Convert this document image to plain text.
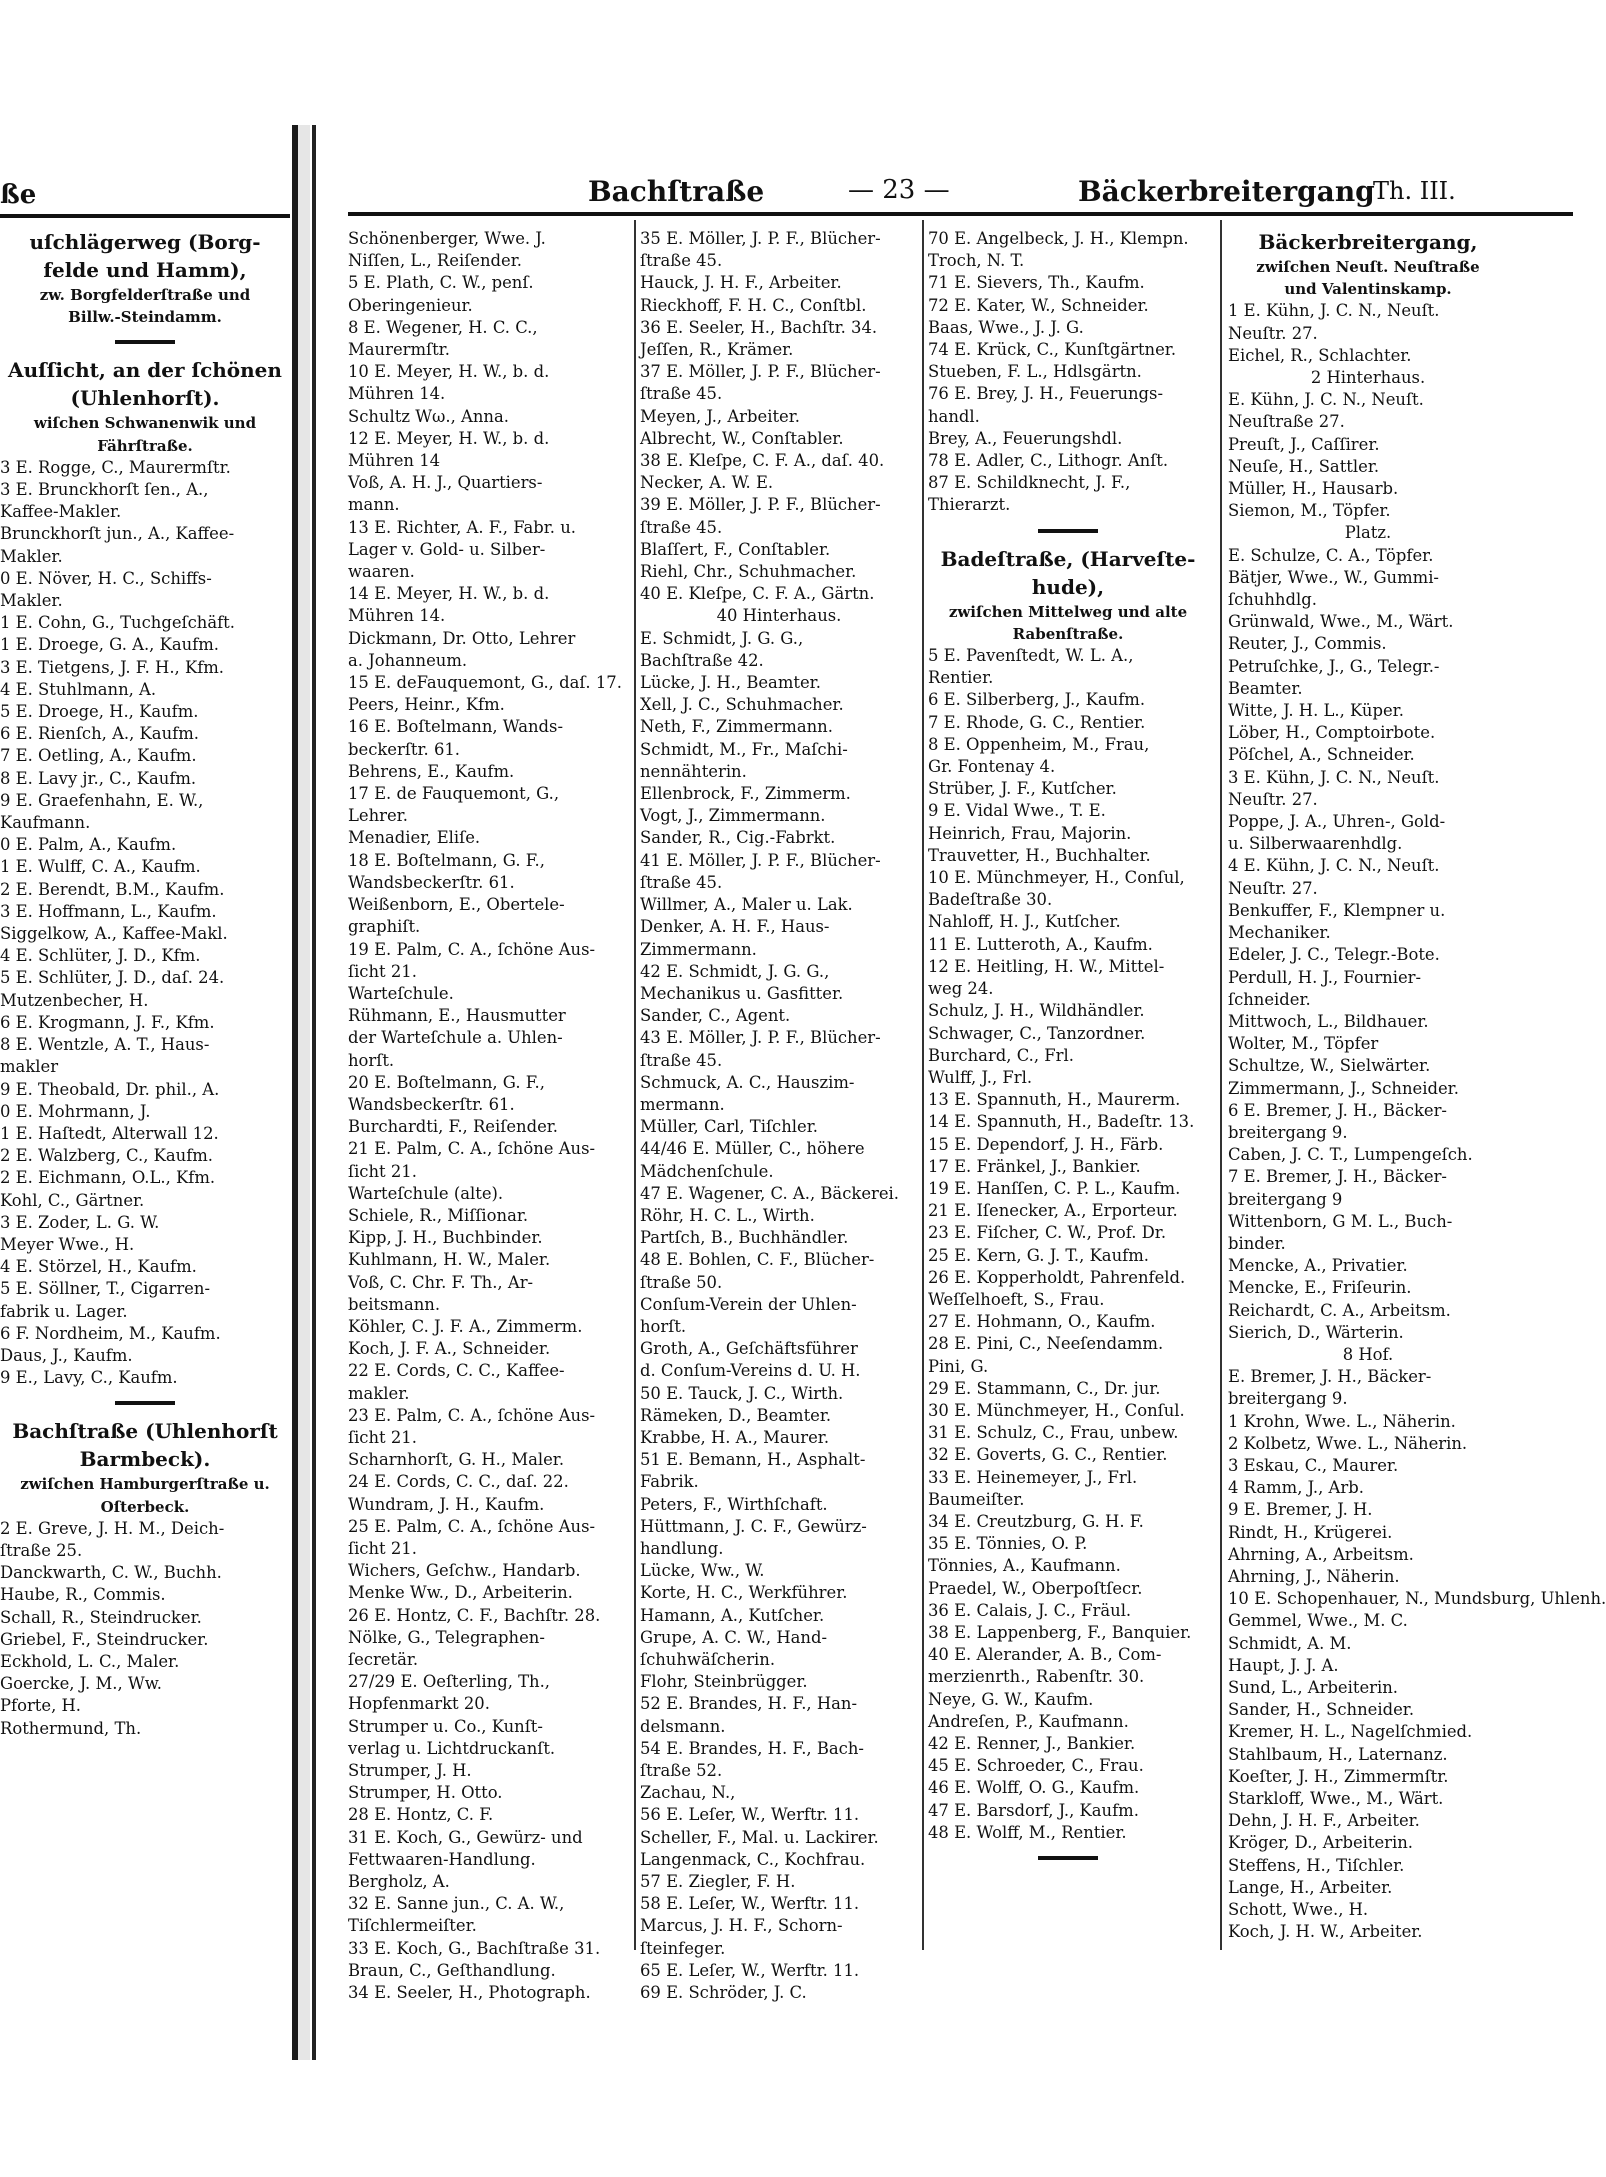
ße
uſchlägerweg (Borg-
felde und Hamm),
zw. Borgfelderſtraße und
Billw.-Steindamm.
Auſſicht, an der ſchönen
(Uhlenhorſt).
wiſchen Schwanenwik und
Fährſtraße.
3 E. Rogge, C., Maurermſtr.
3 E. Brunckhorſt ſen., A.,
Kaffee-Makler.
Brunckhorſt jun., A., Kaffee-
Makler.
0 E. Növer, H. C., Schiffs-
Makler.
1 E. Cohn, G., Tuchgeſchäft.
1 E. Droege, G. A., Kaufm.
3 E. Tietgens, J. F. H., Kfm.
4 E. Stuhlmann, A.
5 E. Droege, H., Kaufm.
6 E. Rienſch, A., Kaufm.
7 E. Oetling, A., Kaufm.
8 E. Lavy jr., C., Kaufm.
9 E. Graefenhahn, E. W.,
Kaufmann.
0 E. Palm, A., Kaufm.
1 E. Wulff, C. A., Kaufm.
2 E. Berendt, B.M., Kaufm.
3 E. Hoffmann, L., Kaufm.
Siggelkow, A., Kaffee-Makl.
4 E. Schlüter, J. D., Kfm.
5 E. Schlüter, J. D., daſ. 24.
Mutzenbecher, H.
6 E. Krogmann, J. F., Kfm.
8 E. Wentzle, A. T., Haus-
makler
9 E. Theobald, Dr. phil., A.
0 E. Mohrmann, J.
1 E. Haſtedt, Alterwall 12.
2 E. Walzberg, C., Kaufm.
2 E. Eichmann, O.L., Kfm.
Kohl, C., Gärtner.
3 E. Zoder, L. G. W.
Meyer Wwe., H.
4 E. Störzel, H., Kaufm.
5 E. Söllner, T., Cigarren-
fabrik u. Lager.
6 F. Nordheim, M., Kaufm.
Daus, J., Kaufm.
9 E., Lavy, C., Kaufm.
Bachſtraße (Uhlenhorſt
Barmbeck).
zwiſchen Hamburgerſtraße u.
Oſterbeck.
2 E. Greve, J. H. M., Deich-
ſtraße 25.
Danckwarth, C. W., Buchh.
Haube, R., Commis.
Schall, R., Steindrucker.
Griebel, F., Steindrucker.
Eckhold, L. C., Maler.
Goercke, J. M., Ww.
Pforte, H.
Rothermund, Th.
Bachſtraße	— 23 —	Bäckerbreitergang
Th. III.
Schönenberger, Wwe. J.
Niſſen, L., Reiſender.
5 E. Plath, C. W., penſ.
Oberingenieur.
8 E. Wegener, H. C. C.,
Maurermſtr.
10 E. Meyer, H. W., b. d.
Mühren 14.
Schultz Wω., Anna.
12 E. Meyer, H. W., b. d.
Mühren 14
Voß, A. H. J., Quartiers-
mann.
13 E. Richter, A. F., Fabr. u.
Lager v. Gold- u. Silber-
waaren.
14 E. Meyer, H. W., b. d.
Mühren 14.
Dickmann, Dr. Otto, Lehrer
a. Johanneum.
15 E. deFauquemont, G., daſ. 17.
Peers, Heinr., Kfm.
16 E. Boſtelmann, Wands-
beckerſtr. 61.
Behrens, E., Kaufm.
17 E. de Fauquemont, G.,
Lehrer.
Menadier, Eliſe.
18 E. Boſtelmann, G. F.,
Wandsbeckerſtr. 61.
Weißenborn, E., Obertele-
graphiſt.
19 E. Palm, C. A., ſchöne Aus-
ſicht 21.
Warteſchule.
Rühmann, E., Hausmutter
der Warteſchule a. Uhlen-
horſt.
20 E. Boſtelmann, G. F.,
Wandsbeckerſtr. 61.
Burchardti, F., Reiſender.
21 E. Palm, C. A., ſchöne Aus-
ſicht 21.
Warteſchule (alte).
Schiele, R., Miſſionar.
Kipp, J. H., Buchbinder.
Kuhlmann, H. W., Maler.
Voß, C. Chr. F. Th., Ar-
beitsmann.
Köhler, C. J. F. A., Zimmerm.
Koch, J. F. A., Schneider.
22 E. Cords, C. C., Kaffee-
makler.
23 E. Palm, C. A., ſchöne Aus-
ſicht 21.
Scharnhorſt, G. H., Maler.
24 E. Cords, C. C., daſ. 22.
Wundram, J. H., Kaufm.
25 E. Palm, C. A., ſchöne Aus-
ſicht 21.
Wichers, Geſchw., Handarb.
Menke Ww., D., Arbeiterin.
26 E. Hontz, C. F., Bachſtr. 28.
Nölke, G., Telegraphen-
ſecretär.
27/29 E. Oeſterling, Th.,
Hopfenmarkt 20.
Strumper u. Co., Kunſt-
verlag u. Lichtdruckanſt.
Strumper, J. H.
Strumper, H. Otto.
28 E. Hontz, C. F.
31 E. Koch, G., Gewürz- und
Fettwaaren-Handlung.
Bergholz, A.
32 E. Sanne jun., C. A. W.,
Tiſchlermeiſter.
33 E. Koch, G., Bachſtraße 31.
Braun, C., Geſthandlung.
34 E. Seeler, H., Photograph.
35 E. Möller, J. P. F., Blücher-
ſtraße 45.
Hauck, J. H. F., Arbeiter.
Rieckhoff, F. H. C., Conſtbl.
36 E. Seeler, H., Bachſtr. 34.
Jeſſen, R., Krämer.
37 E. Möller, J. P. F., Blücher-
ſtraße 45.
Meyen, J., Arbeiter.
Albrecht, W., Conſtabler.
38 E. Kleſpe, C. F. A., daſ. 40.
Necker, A. W. E.
39 E. Möller, J. P. F., Blücher-
ſtraße 45.
Blaſſert, F., Conſtabler.
Riehl, Chr., Schuhmacher.
40 E. Kleſpe, C. F. A., Gärtn.
40 Hinterhaus.
E. Schmidt, J. G. G.,
Bachſtraße 42.
Lücke, J. H., Beamter.
Xell, J. C., Schuhmacher.
Neth, F., Zimmermann.
Schmidt, M., Fr., Maſchi-
nennähterin.
Ellenbrock, F., Zimmerm.
Vogt, J., Zimmermann.
Sander, R., Cig.-Fabrkt.
41 E. Möller, J. P. F., Blücher-
ſtraße 45.
Willmer, A., Maler u. Lak.
Denker, A. H. F., Haus-
Zimmermann.
42 E. Schmidt, J. G. G.,
Mechanikus u. Gasfitter.
Sander, C., Agent.
43 E. Möller, J. P. F., Blücher-
ſtraße 45.
Schmuck, A. C., Hauszim-
mermann.
Müller, Carl, Tiſchler.
44/46 E. Müller, C., höhere
Mädchenſchule.
47 E. Wagener, C. A., Bäckerei.
Röhr, H. C. L., Wirth.
Partſch, B., Buchhändler.
48 E. Bohlen, C. F., Blücher-
ſtraße 50.
Conſum-Verein der Uhlen-
horſt.
Groth, A., Geſchäftsführer
d. Conſum-Vereins d. U. H.
50 E. Tauck, J. C., Wirth.
Rämeken, D., Beamter.
Krabbe, H. A., Maurer.
51 E. Bemann, H., Asphalt-
Fabrik.
Peters, F., Wirthſchaft.
Hüttmann, J. C. F., Gewürz-
handlung.
Lücke, Ww., W.
Korte, H. C., Werkführer.
Hamann, A., Kutſcher.
Grupe, A. C. W., Hand-
ſchuhwäſcherin.
Flohr, Steinbrügger.
52 E. Brandes, H. F., Han-
delsmann.
54 E. Brandes, H. F., Bach-
ſtraße 52.
Zachau, N.,
56 E. Leſer, W., Werftr. 11.
Scheller, F., Mal. u. Lackirer.
Langenmack, C., Kochfrau.
57 E. Ziegler, F. H.
58 E. Leſer, W., Werftr. 11.
Marcus, J. H. F., Schorn-
ſteinfeger.
65 E. Leſer, W., Werftr. 11.
69 E. Schröder, J. C.
70 E. Angelbeck, J. H., Klempn.
Troch, N. T.
71 E. Sievers, Th., Kaufm.
72 E. Kater, W., Schneider.
Baas, Wwe., J. J. G.
74 E. Krück, C., Kunſtgärtner.
Stueben, F. L., Hdlsgärtn.
76 E. Brey, J. H., Feuerungs-
handl.
Brey, A., Feuerungshdl.
78 E. Adler, C., Lithogr. Anſt.
87 E. Schildknecht, J. F.,
Thierarzt.
Badeſtraße, (Harveſte-
hude),
zwiſchen Mittelweg und alte
Rabenſtraße.
5 E. Pavenſtedt, W. L. A.,
Rentier.
6 E. Silberberg, J., Kaufm.
7 E. Rhode, G. C., Rentier.
8 E. Oppenheim, M., Frau,
Gr. Fontenay 4.
Strüber, J. F., Kutſcher.
9 E. Vidal Wwe., T. E.
Heinrich, Frau, Majorin.
Trauvetter, H., Buchhalter.
10 E. Münchmeyer, H., Conſul,
Badeſtraße 30.
Nahloff, H. J., Kutſcher.
11 E. Lutteroth, A., Kaufm.
12 E. Heitling, H. W., Mittel-
weg 24.
Schulz, J. H., Wildhändler.
Schwager, C., Tanzordner.
Burchard, C., Frl.
Wulff, J., Frl.
13 E. Spannuth, H., Maurerm.
14 E. Spannuth, H., Badeſtr. 13.
15 E. Dependorf, J. H., Färb.
17 E. Fränkel, J., Bankier.
19 E. Hanſſen, C. P. L., Kaufm.
21 E. Iſenecker, A., Erporteur.
23 E. Fiſcher, C. W., Prof. Dr.
25 E. Kern, G. J. T., Kaufm.
26 E. Kopperholdt, Pahrenfeld.
Weſſelhoeft, S., Frau.
27 E. Hohmann, O., Kaufm.
28 E. Pini, C., Neeſendamm.
Pini, G.
29 E. Stammann, C., Dr. jur.
30 E. Münchmeyer, H., Conſul.
31 E. Schulz, C., Frau, unbew.
32 E. Goverts, G. C., Rentier.
33 E. Heinemeyer, J., Frl.
Baumeiſter.
34 E. Creutzburg, G. H. F.
35 E. Tönnies, O. P.
Tönnies, A., Kaufmann.
Praedel, W., Oberpoſtſecr.
36 E. Calais, J. C., Fräul.
38 E. Lappenberg, F., Banquier.
40 E. Alerander, A. B., Com-
merzienrth., Rabenſtr. 30.
Neye, G. W., Kaufm.
Andreſen, P., Kaufmann.
42 E. Renner, J., Bankier.
45 E. Schroeder, C., Frau.
46 E. Wolff, O. G., Kaufm.
47 E. Barsdorf, J., Kaufm.
48 E. Wolff, M., Rentier.
Bäckerbreitergang,
zwiſchen Neuſt. Neuſtraße
und Valentinskamp.
1 E. Kühn, J. C. N., Neuſt.
Neuſtr. 27.
Eichel, R., Schlachter.
2 Hinterhaus.
E. Kühn, J. C. N., Neuſt.
Neuſtraße 27.
Preuſt, J., Caſſirer.
Neuſe, H., Sattler.
Müller, H., Hausarb.
Siemon, M., Töpfer.
Platz.
E. Schulze, C. A., Töpfer.
Bätjer, Wwe., W., Gummi-
ſchuhhdlg.
Grünwald, Wwe., M., Wärt.
Reuter, J., Commis.
Petruſchke, J., G., Telegr.-
Beamter.
Witte, J. H. L., Küper.
Löber, H., Comptoirbote.
Pöſchel, A., Schneider.
3 E. Kühn, J. C. N., Neuſt.
Neuſtr. 27.
Poppe, J. A., Uhren-, Gold-
u. Silberwaarenhdlg.
4 E. Kühn, J. C. N., Neuſt.
Neuſtr. 27.
Benkuffer, F., Klempner u.
Mechaniker.
Edeler, J. C., Telegr.-Bote.
Perdull, H. J., Fournier-
ſchneider.
Mittwoch, L., Bildhauer.
Wolter, M., Töpfer
Schultze, W., Sielwärter.
Zimmermann, J., Schneider.
6 E. Bremer, J. H., Bäcker-
breitergang 9.
Caben, J. C. T., Lumpengeſch.
7 E. Bremer, J. H., Bäcker-
breitergang 9
Wittenborn, G M. L., Buch-
binder.
Mencke, A., Privatier.
Mencke, E., Friſeurin.
Reichardt, C. A., Arbeitsm.
Sierich, D., Wärterin.
8 Hof.
E. Bremer, J. H., Bäcker-
breitergang 9.
1 Krohn, Wwe. L., Näherin.
2 Kolbetz, Wwe. L., Näherin.
3 Eskau, C., Maurer.
4 Ramm, J., Arb.
9 E. Bremer, J. H.
Rindt, H., Krügerei.
Ahrning, A., Arbeitsm.
Ahrning, J., Näherin.
10 E. Schopenhauer, N., Mundsburg, Uhlenh.
Gemmel, Wwe., M. C.
Schmidt, A. M.
Haupt, J. J. A.
Sund, L., Arbeiterin.
Sander, H., Schneider.
Kremer, H. L., Nagelſchmied.
Stahlbaum, H., Laternanz.
Koeſter, J. H., Zimmermſtr.
Starkloff, Wwe., M., Wärt.
Dehn, J. H. F., Arbeiter.
Kröger, D., Arbeiterin.
Steffens, H., Tiſchler.
Lange, H., Arbeiter.
Schott, Wwe., H.
Koch, J. H. W., Arbeiter.
